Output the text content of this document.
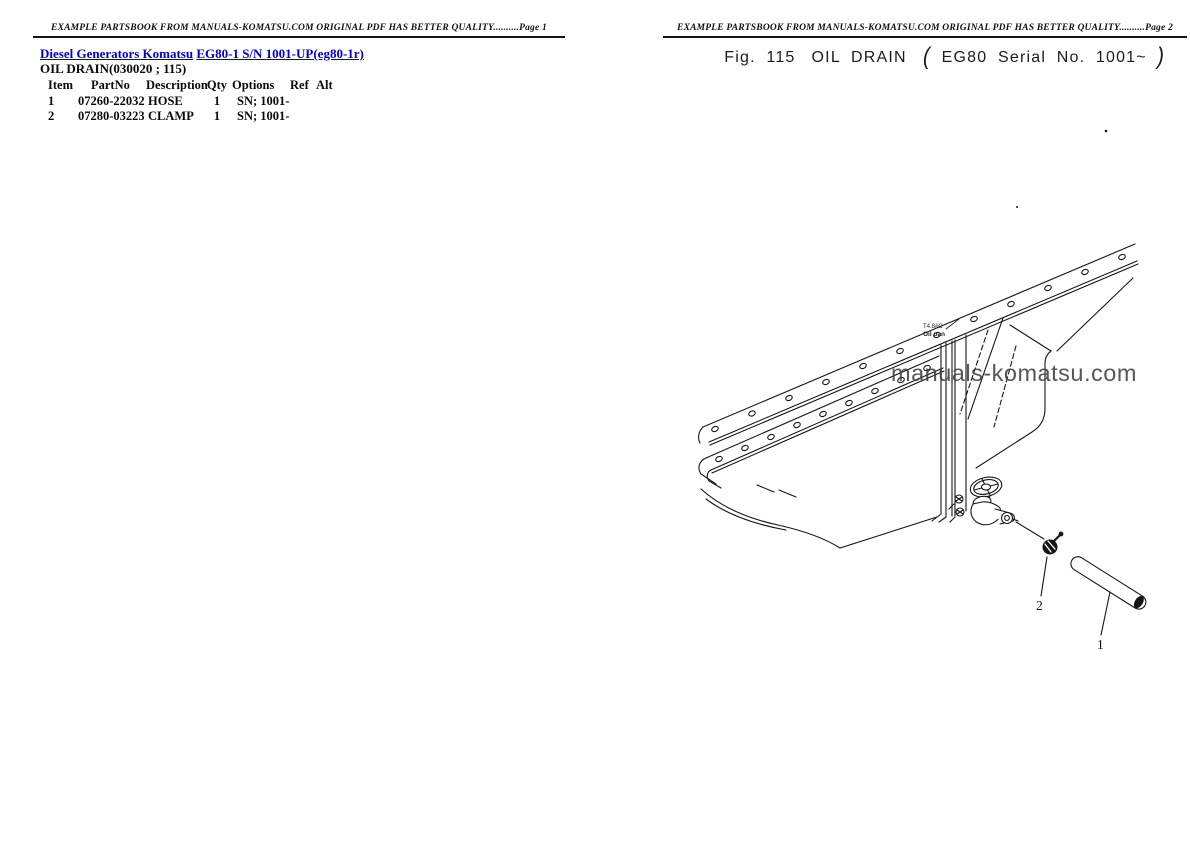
EXAMPLE PARTSBOOK FROM MANUALS-KOMATSU.COM ORIGINAL PDF HAS BETTER QUALITY..........Page 1
Diesel Generators Komatsu EG80-1 S/N 1001-UP(eg80-1r)
OIL DRAIN(030020 ; 115)
Item	PartNo	Description Qty Options	Ref Alt
1	07260-22032 HOSE	1	SN; 1001-
2	07280-03223 CLAMP	1	SN; 1001-
EXAMPLE PARTSBOOK FROM MANUALS-KOMATSU.COM ORIGINAL PDF HAS BETTER QUALITY..........Page 2
Fig. 115 OIL DRAIN ( EG80 Serial No. 1001~ )
2
1
T4.8#C
Oil pan
manuals-komatsu.com
